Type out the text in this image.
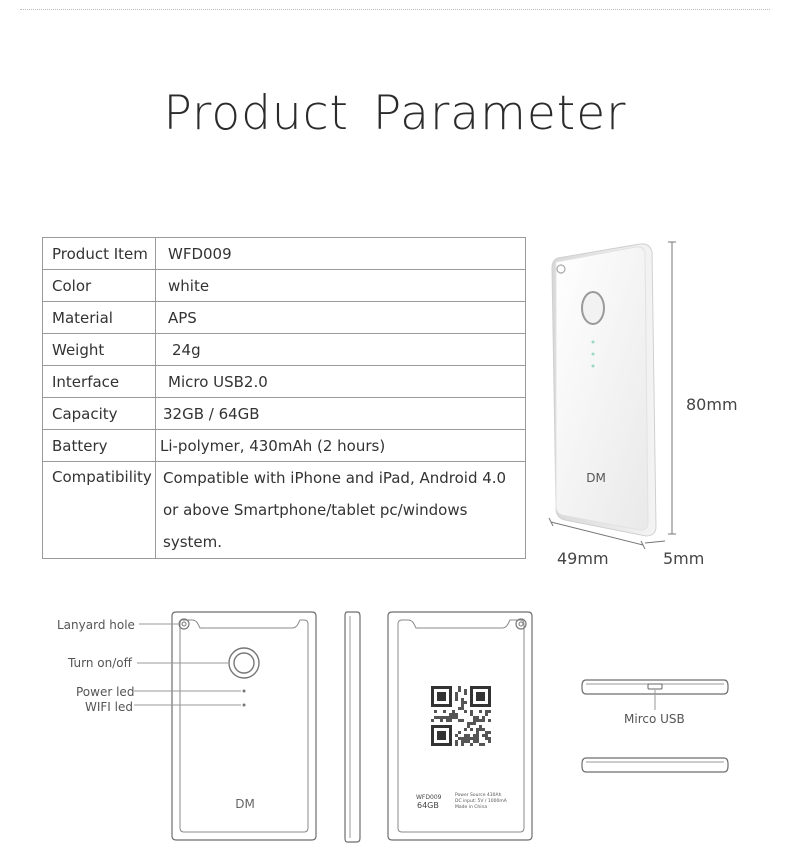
Product Parameter
Product Item	WFD009
Color	white
Material	APS
Weight	24g
Interface	Micro USB2.0
Capacity	32GB / 64GB
Battery	Li-polymer, 430mAh (2 hours)
Compatibility	Compatible with iPhone and iPad, Android 4.0
or above Smartphone/tablet pc/windows system.
DM
DM	WFD009
64GB
Power Source 430Ah
DC input: 5V / 1000mA
Made in China
80mm
49mm	5mm
Lanyard hole
Turn on/off
Power led
WIFI led
Mirco USB
